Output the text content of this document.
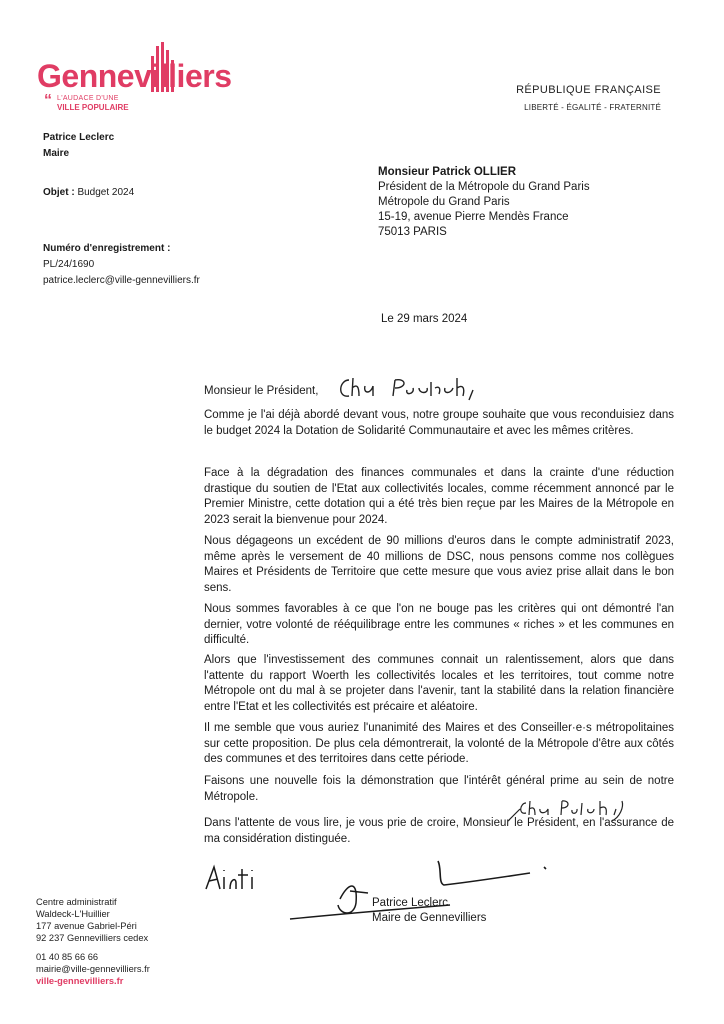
Gennevilliers
“ L'AUDACE D'UNE
VILLE POPULAIRE
RÉPUBLIQUE FRANÇAISE
LIBERTÉ - ÉGALITÉ - FRATERNITÉ
Patrice Leclerc
Maire
Objet : Budget 2024
Numéro d'enregistrement :
PL/24/1690
patrice.leclerc@ville-gennevilliers.fr
Monsieur Patrick OLLIER
Président de la Métropole du Grand Paris
Métropole du Grand Paris
15-19, avenue Pierre Mendès France
75013 PARIS
Le 29 mars 2024
Monsieur le Président,
Comme je l'ai déjà abordé devant vous, notre groupe souhaite que vous reconduisiez dans le budget 2024 la Dotation de Solidarité Communautaire et avec les mêmes critères.
Face à la dégradation des finances communales et dans la crainte d'une réduction drastique du soutien de l'Etat aux collectivités locales, comme récemment annoncé par le Premier Ministre, cette dotation qui a été très bien reçue par les Maires de la Métropole en 2023 serait la bienvenue pour 2024.
Nous dégageons un excédent de 90 millions d'euros dans le compte administratif 2023, même après le versement de 40 millions de DSC, nous pensons comme nos collègues Maires et Présidents de Territoire que cette mesure que vous aviez prise allait dans le bon sens.
Nous sommes favorables à ce que l'on ne bouge pas les critères qui ont démontré l'an dernier, votre volonté de rééquilibrage entre les communes « riches » et les communes en difficulté.
Alors que l'investissement des communes connait un ralentissement, alors que dans l'attente du rapport Woerth les collectivités locales et les territoires, tout comme notre Métropole ont du mal à se projeter dans l'avenir, tant la stabilité dans la relation financière entre l'Etat et les collectivités est précaire et aléatoire.
Il me semble que vous auriez l'unanimité des Maires et des Conseiller·e·s métropolitaines sur cette proposition. De plus cela démontrerait, la volonté de la Métropole d'être aux côtés des communes et des territoires dans cette période.
Faisons une nouvelle fois la démonstration que l'intérêt général prime au sein de notre Métropole.
Dans l'attente de vous lire, je vous prie de croire, Monsieur le Président, en l'assurance de ma considération distinguée.
Patrice Leclerc
Maire de Gennevilliers
Centre administratif
Waldeck-L'Huillier
177 avenue Gabriel-Péri
92 237 Gennevilliers cedex
01 40 85 66 66
mairie@ville-gennevilliers.fr
ville-gennevilliers.fr
